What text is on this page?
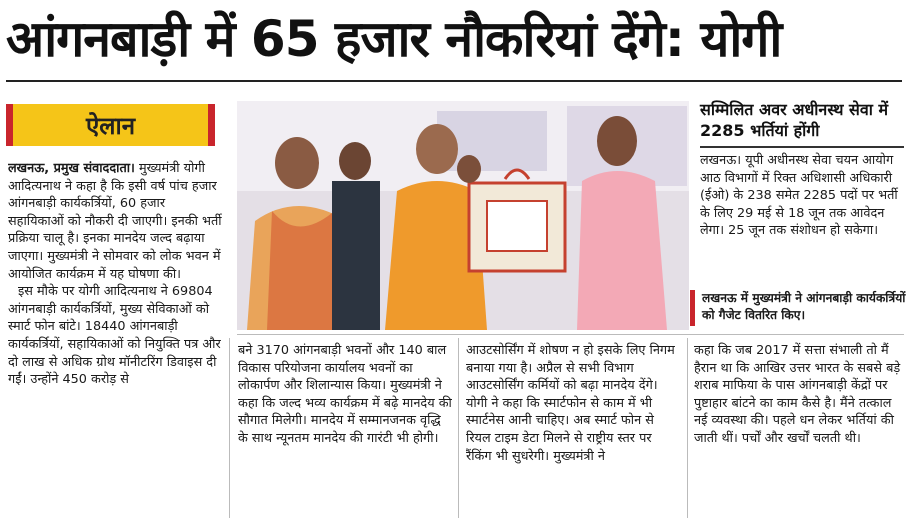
आंगनबाड़ी में 65 हजार नौकरियां देंगे: योगी
ऐलान

लखनऊ, प्रमुख संवाददाता। मुख्यमंत्री योगी आदित्यनाथ ने कहा है कि इसी वर्ष पांच हजार आंगनबाड़ी कार्यकर्त्रियों, 60 हजार सहायिकाओं को नौकरी दी जाएगी। इनकी भर्ती प्रक्रिया चालू है। इनका मानदेय जल्द बढ़ाया जाएगा। मुख्यमंत्री ने सोमवार को लोक भवन में आयोजित कार्यक्रम में यह घोषणा की।

इस मौके पर योगी आदित्यनाथ ने 69804 आंगनबाड़ी कार्यकर्त्रियों, मुख्य सेविकाओं को स्मार्ट फोन बांटे। 18440 आंगनबाड़ी कार्यकर्त्रियों, सहायिकाओं को नियुक्ति पत्र और दो लाख से अधिक ग्रोथ मॉनीटरिंग डिवाइस दी गईं। उन्होंने 450 करोड़ से

सम्मिलित अवर अधीनस्थ सेवा में 2285 भर्तियां होंगी

लखनऊ। यूपी अधीनस्थ सेवा चयन आयोग आठ विभागों में रिक्त अधिशासी अधिकारी (ईओ) के 238 समेत 2285 पदों पर भर्ती के लिए 29 मई से 18 जून तक आवेदन लेगा। 25 जून तक संशोधन हो सकेगा।

लखनऊ में मुख्यमंत्री ने आंगनबाड़ी कार्यकर्त्रियों को गैजेट वितरित किए।

बने 3170 आंगनबाड़ी भवनों और 140 बाल विकास परियोजना कार्यालय भवनों का लोकार्पण और शिलान्यास किया। मुख्यमंत्री ने कहा कि जल्द भव्य कार्यक्रम में बढ़े मानदेय की सौगात मिलेगी। मानदेय में सम्मानजनक वृद्धि के साथ न्यूनतम मानदेय की गारंटी भी होगी।

आउटसोर्सिंग में शोषण न हो इसके लिए निगम बनाया गया है। अप्रैल से सभी विभाग आउटसोर्सिंग कर्मियों को बढ़ा मानदेय देंगे। योगी ने कहा कि स्मार्टफोन से काम में भी स्मार्टनेस आनी चाहिए। अब स्मार्ट फोन से रियल टाइम डेटा मिलने से राष्ट्रीय स्तर पर रैंकिंग भी सुधरेगी। मुख्यमंत्री ने

कहा कि जब 2017 में सत्ता संभाली तो मैं हैरान था कि आखिर उत्तर भारत के सबसे बड़े शराब माफिया के पास आंगनबाड़ी केंद्रों पर पुष्टाहार बांटने का काम कैसे है। मैंने तत्काल नई व्यवस्था की। पहले धन लेकर भर्तियां की जाती थीं। पर्चों और खर्चों चलती थी।
